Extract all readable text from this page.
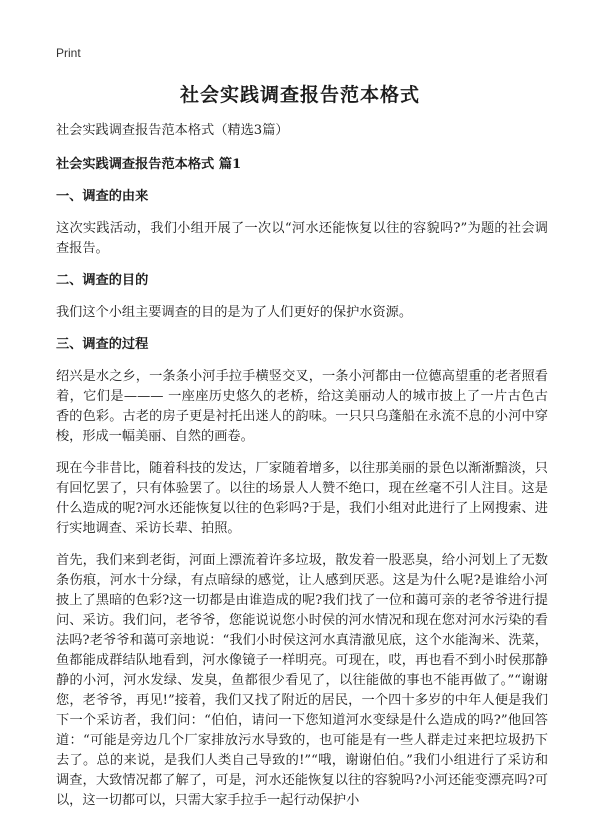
Print
社会实践调查报告范本格式

社会实践调查报告范本格式（精选3篇）

社会实践调查报告范本格式 篇1

一、调查的由来

这次实践活动，我们小组开展了一次以“河水还能恢复以往的容貌吗?”为题的社会调查报告。

二、调查的目的

我们这个小组主要调查的目的是为了人们更好的保护水资源。

三、调查的过程

绍兴是水之乡，一条条小河手拉手横竖交叉，一条小河都由一位德高望重的老者照看着，它们是——— 一座座历史悠久的老桥，给这美丽动人的城市披上了一片古色古香的色彩。古老的房子更是衬托出迷人的韵味。一只只乌蓬船在永流不息的小河中穿梭，形成一幅美丽、自然的画卷。

现在今非昔比，随着科技的发达，厂家随着增多，以往那美丽的景色以渐渐黯淡，只有回忆罢了，只有体验罢了。以往的场景人人赞不绝口，现在丝毫不引人注目。这是什么造成的呢?河水还能恢复以往的色彩吗?于是，我们小组对此进行了上网搜索、进行实地调查、采访长辈、拍照。

首先，我们来到老街，河面上漂流着许多垃圾，散发着一股恶臭，给小河划上了无数条伤痕，河水十分绿，有点暗绿的感觉，让人感到厌恶。这是为什么呢?是谁给小河披上了黑暗的色彩?这一切都是由谁造成的呢?我们找了一位和蔼可亲的老爷爷进行提问、采访。我们问，老爷爷，您能说说您小时侯的河水情况和现在您对河水污染的看法吗?老爷爷和蔼可亲地说：“我们小时侯这河水真清澈见底，这个水能淘米、洗菜，鱼都能成群结队地看到，河水像镜子一样明亮。可现在，哎，再也看不到小时侯那静静的小河，河水发绿、发臭，鱼都很少看见了，以往能做的事也不能再做了。”“谢谢您，老爷爷，再见!”接着，我们又找了附近的居民，一个四十多岁的中年人便是我们下一个采访者，我们问：“伯伯，请问一下您知道河水变绿是什么造成的吗?”他回答道：“可能是旁边几个厂家排放污水导致的，也可能是有一些人群走过来把垃圾扔下去了。总的来说，是我们人类自己导致的!”“哦，谢谢伯伯。”我们小组进行了采访和调查，大致情况都了解了，可是，河水还能恢复以往的容貌吗?小河还能变漂亮吗?可以，这一切都可以，只需大家手拉手一起行动保护小
